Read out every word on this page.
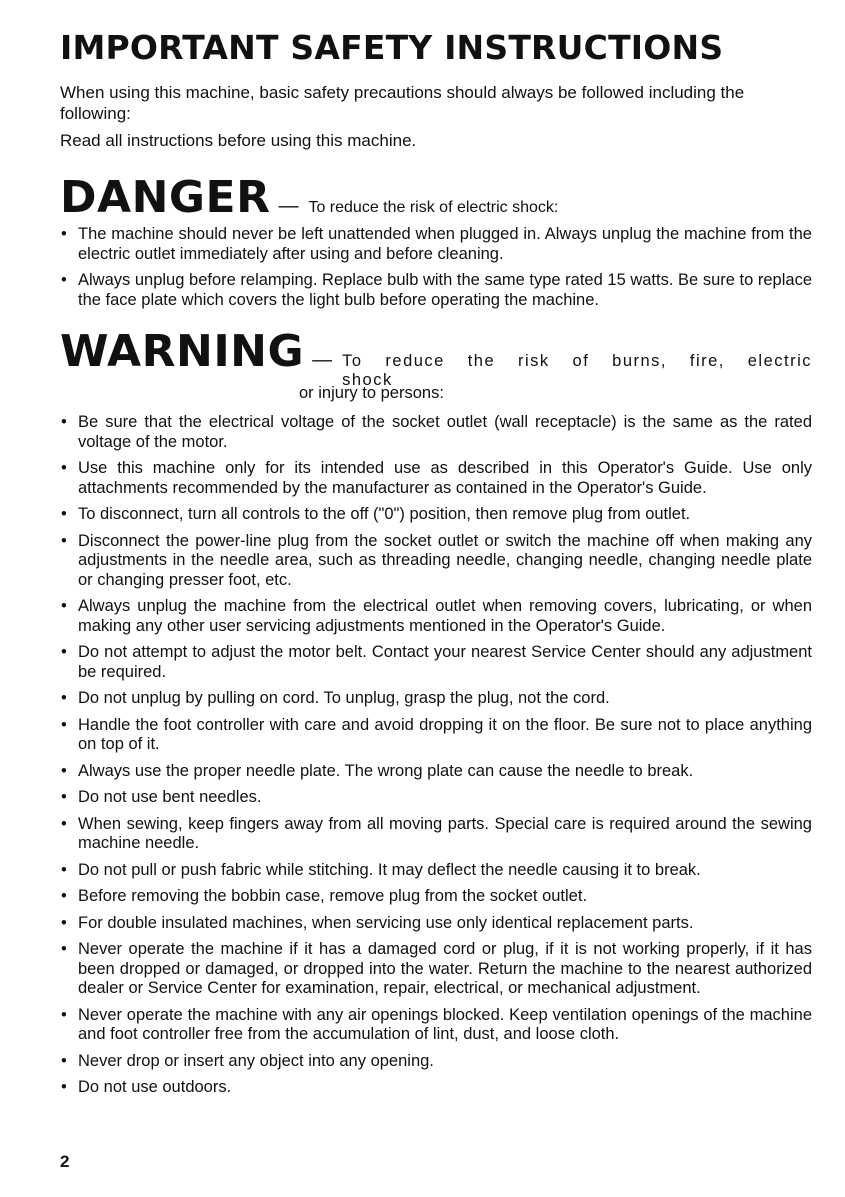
IMPORTANT SAFETY INSTRUCTIONS

When using this machine, basic safety precautions should always be followed including the following:

Read all instructions before using this machine.

DANGER — To reduce the risk of electric shock:
• The machine should never be left unattended when plugged in. Always unplug the machine from the electric outlet immediately after using and before cleaning.
• Always unplug before relamping. Replace bulb with the same type rated 15 watts. Be sure to replace the face plate which covers the light bulb before operating the machine.
WARNING — To reduce the risk of burns, fire, electric shock
or injury to persons:
• Be sure that the electrical voltage of the socket outlet (wall receptacle) is the same as the rated voltage of the motor.
• Use this machine only for its intended use as described in this Operator's Guide. Use only attachments recommended by the manufacturer as contained in the Operator's Guide.
• To disconnect, turn all controls to the off ("0") position, then remove plug from outlet.
• Disconnect the power-line plug from the socket outlet or switch the machine off when making any adjustments in the needle area, such as threading needle, changing needle, changing needle plate or changing presser foot, etc.
• Always unplug the machine from the electrical outlet when removing covers, lubricating, or when making any other user servicing adjustments mentioned in the Operator's Guide.
• Do not attempt to adjust the motor belt. Contact your nearest Service Center should any adjustment be required.
• Do not unplug by pulling on cord. To unplug, grasp the plug, not the cord.
• Handle the foot controller with care and avoid dropping it on the floor. Be sure not to place anything on top of it.
• Always use the proper needle plate. The wrong plate can cause the needle to break.
• Do not use bent needles.
• When sewing, keep fingers away from all moving parts. Special care is required around the sewing machine needle.
• Do not pull or push fabric while stitching. It may deflect the needle causing it to break.
• Before removing the bobbin case, remove plug from the socket outlet.
• For double insulated machines, when servicing use only identical replacement parts.
• Never operate the machine if it has a damaged cord or plug, if it is not working properly, if it has been dropped or damaged, or dropped into the water. Return the machine to the nearest authorized dealer or Service Center for examination, repair, electrical, or mechanical adjustment.
• Never operate the machine with any air openings blocked. Keep ventilation openings of the machine and foot controller free from the accumulation of lint, dust, and loose cloth.
• Never drop or insert any object into any opening.
• Do not use outdoors.
2
